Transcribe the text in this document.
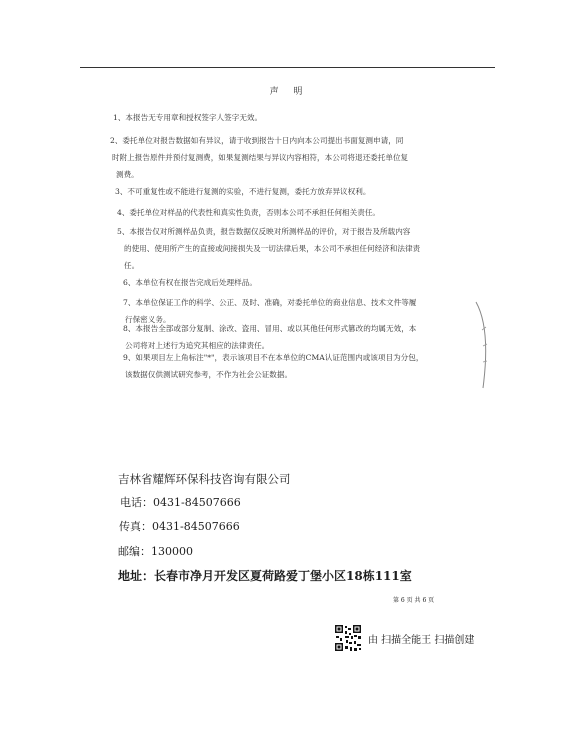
声 明
1、本报告无专用章和授权签字人签字无效。
2、委托单位对报告数据如有异议，请于收到报告十日内向本公司提出书面复测申请，同
时附上报告原件并预付复测费，如果复测结果与异议内容相符，本公司将退还委托单位复
测费。
3、不可重复性或不能进行复测的实验，不进行复测，委托方放弃异议权利。
4、委托单位对样品的代表性和真实性负责，否则本公司不承担任何相关责任。
5、本报告仅对所测样品负责，报告数据仅反映对所测样品的评价，对于报告及所载内容
的使用、使用所产生的直接或间接损失及一切法律后果，本公司不承担任何经济和法律责
任。
6、本单位有权在报告完成后处理样品。
7、本单位保证工作的科学、公正、及时、准确，对委托单位的商业信息、技术文件等履
行保密义务。
8、本报告全部或部分复制、涂改、盗用、冒用、或以其他任何形式篡改的均属无效，本
公司将对上述行为追究其相应的法律责任。
9、如果项目左上角标注"*"，表示该项目不在本单位的CMA认证范围内或该项目为分包，
该数据仅供测试研究参考，不作为社会公证数据。
吉林省耀辉环保科技咨询有限公司
电话：0431-84507666
传真：0431-84507666
邮编：130000
地址：长春市净月开发区夏荷路爱丁堡小区18栋111室
第 6 页 共 6 页
由 扫描全能王 扫描创建
